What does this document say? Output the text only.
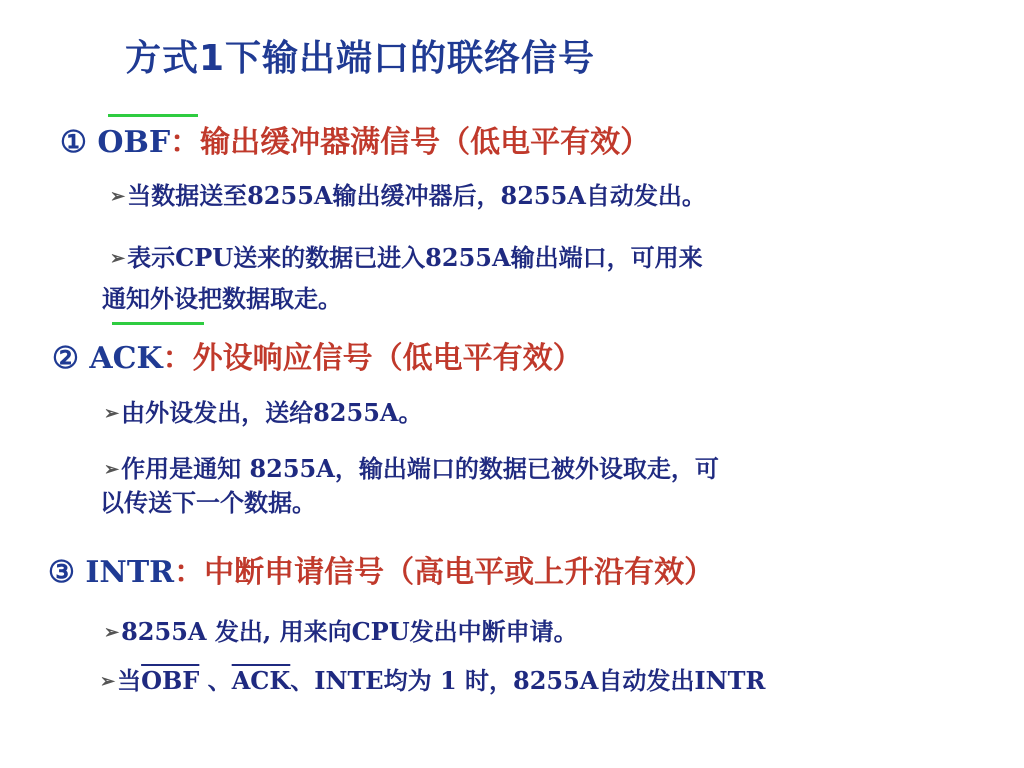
方式1下输出端口的联络信号
① OBF：输出缓冲器满信号（低电平有效）
➢当数据送至8255A输出缓冲器后，8255A自动发出。
➢表示CPU送来的数据已进入8255A输出端口，可用来
通知外设把数据取走。
② ACK：外设响应信号（低电平有效）
➢由外设发出，送给8255A。
➢作用是通知 8255A，输出端口的数据已被外设取走，可
以传送下一个数据。
③ INTR：中断申请信号（高电平或上升沿有效）
➢8255A 发出, 用来向CPU发出中断申请。
➢当$\overline{OBF}$ 、$\overline{ACK}$、INTE均为 1 时，8255A自动发出INTR
